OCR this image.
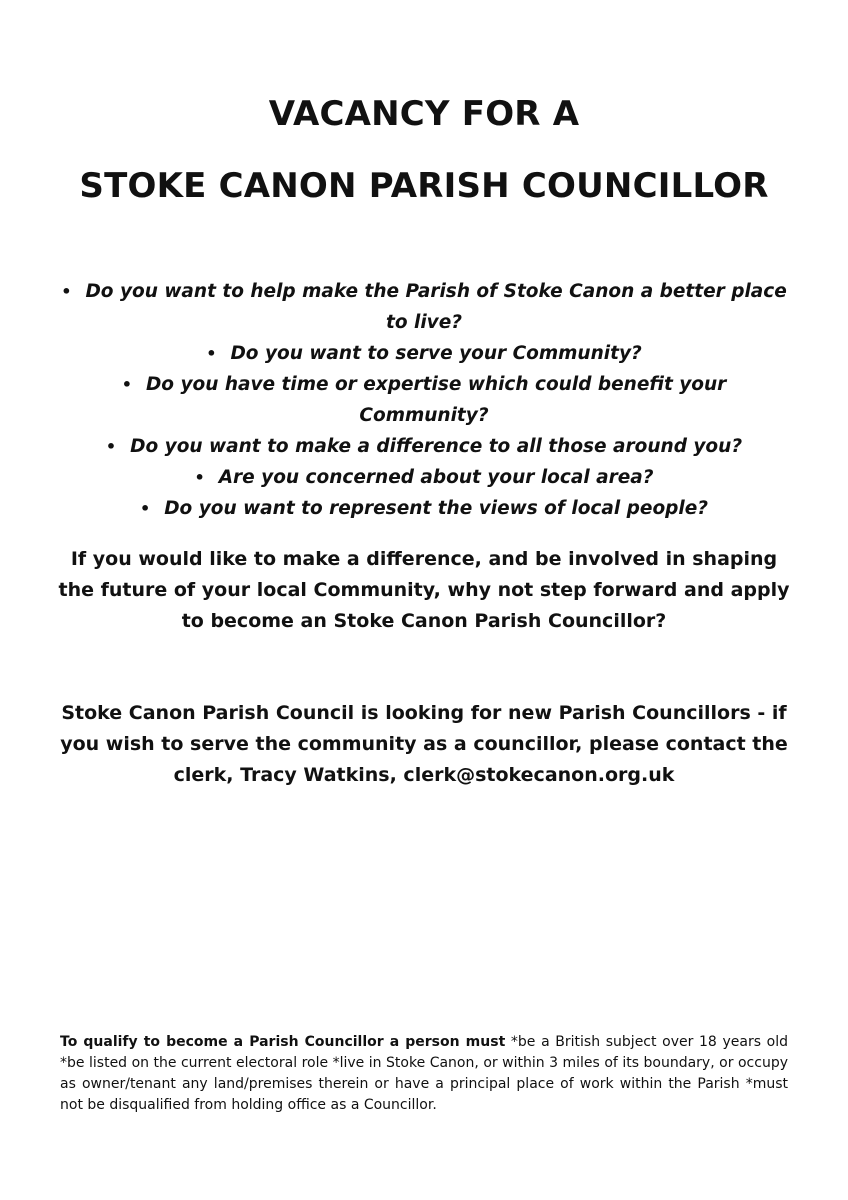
VACANCY FOR A
STOKE CANON PARISH COUNCILLOR
• Do you want to help make the Parish of Stoke Canon a better place to live?
• Do you want to serve your Community?
• Do you have time or expertise which could benefit your Community?
• Do you want to make a difference to all those around you?
• Are you concerned about your local area?
• Do you want to represent the views of local people?

If you would like to make a difference, and be involved in shaping the future of your local Community, why not step forward and apply to become an Stoke Canon Parish Councillor?

Stoke Canon Parish Council is looking for new Parish Councillors - if you wish to serve the community as a councillor, please contact the clerk, Tracy Watkins, clerk@stokecanon.org.uk

To qualify to become a Parish Councillor a person must *be a British subject over 18 years old *be listed on the current electoral role *live in Stoke Canon, or within 3 miles of its boundary, or occupy as owner/tenant any land/premises therein or have a principal place of work within the Parish *must not be disqualified from holding office as a Councillor.
